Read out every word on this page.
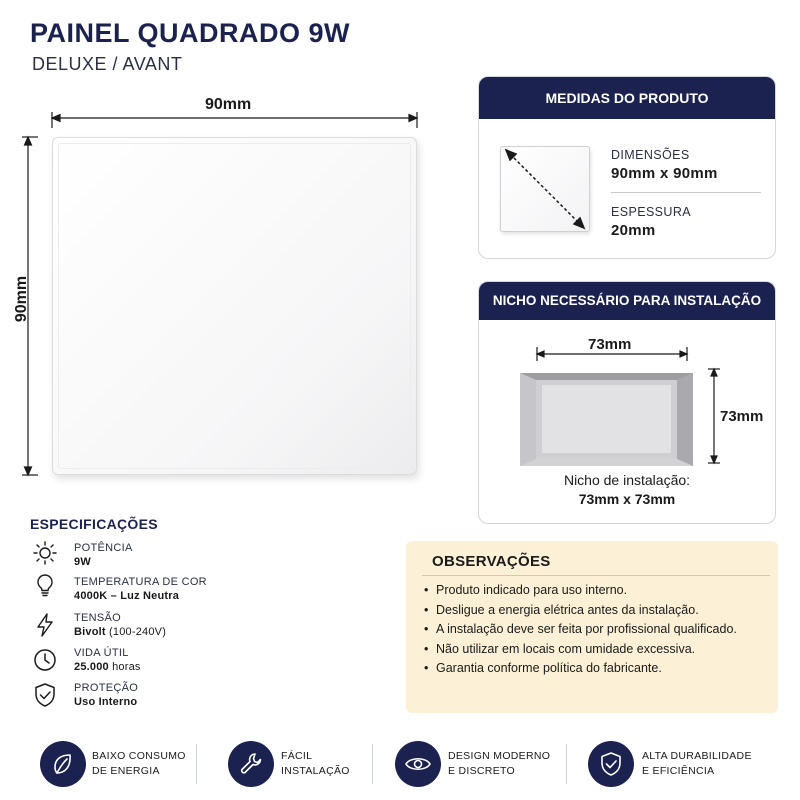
PAINEL QUADRADO 9W
DELUXE / AVANT
90mm
90mm
MEDIDAS DO PRODUTO
DIMENSÕES
90mm x 90mm
ESPESSURA
20mm
NICHO NECESSÁRIO PARA INSTALAÇÃO
73mm
73mm
Nicho de instalação:
73mm x 73mm
ESPECIFICAÇÕES
POTÊNCIA
9W
TEMPERATURA DE COR
4000K – Luz Neutra
TENSÃO
Bivolt (100-240V)
VIDA ÚTIL
25.000 horas
PROTEÇÃO
Uso Interno
OBSERVAÇÕES
• Produto indicado para uso interno.
• Desligue a energia elétrica antes da instalação.
• A instalação deve ser feita por profissional qualificado.
• Não utilizar em locais com umidade excessiva.
• Garantia conforme política do fabricante.
BAIXO CONSUMO
DE ENERGIA
FÁCIL
INSTALAÇÃO
DESIGN MODERNO
E DISCRETO
ALTA DURABILIDADE
E EFICIÊNCIA
